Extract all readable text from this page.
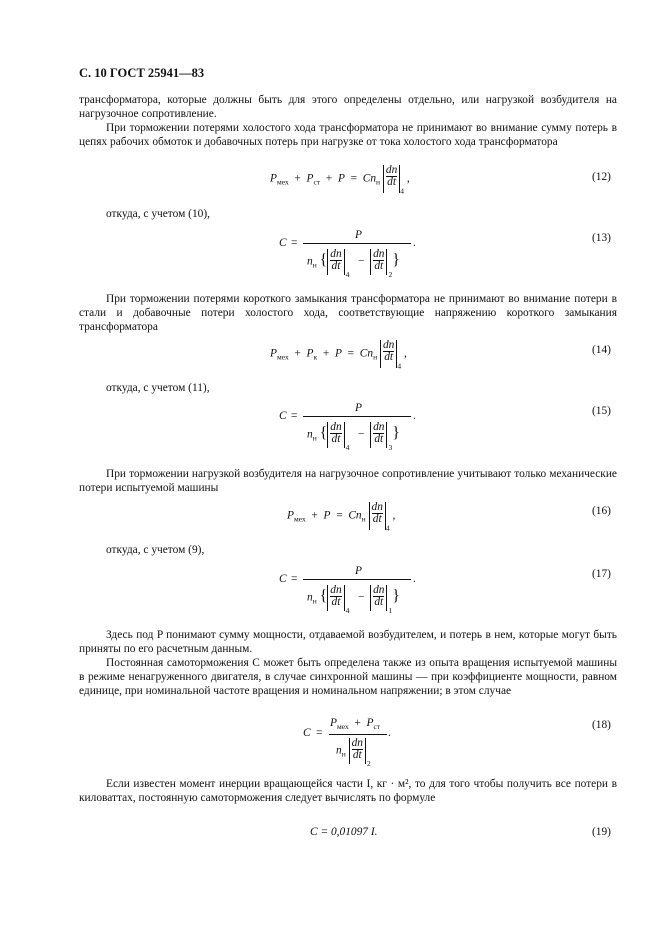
С. 10 ГОСТ 25941—83

трансформатора, которые должны быть для этого определены отдельно, или нагрузкой возбудителя на нагрузочное сопротивление.

При торможении потерями холостого хода трансформатора не принимают во внимание сумму потерь в цепях рабочих обмоток и добавочных потерь при нагрузке от тока холостого хода трансформатора

$P_{мех} + P_{ст} + P = Cn_н \frac{dn}{dt}$
$_4$ ,	(12)
откуда, с учетом (10),
C =
P
.
$n_н$ { $\frac{dn}{dt}$
$_4 - \frac{dn}{dt}$
$_2$}
(13)

При торможении потерями короткого замыкания трансформатора не принимают во внимание потери в стали и добавочные потери холостого хода, соответствующие напряжению короткого замыкания трансформатора

$P_{мех} + P_к + P = Cn_н \frac{dn}{dt}$
$_4$ ,	(14)
откуда, с учетом (11),
C =
P
.
$n_н$ { $\frac{dn}{dt}$
$_4 - \frac{dn}{dt}$
$_3$}
(15)

При торможении нагрузкой возбудителя на нагрузочное сопротивление учитывают только механические потери испытуемой машины

$P_{мех} + P = Cn_н \frac{dn}{dt}$
$_4$ ,	(16)
откуда, с учетом (9),
C =
P
.
$n_н$ { $\frac{dn}{dt}$
$_4 - \frac{dn}{dt}$
$_1$}
(17)

Здесь под P понимают сумму мощности, отдаваемой возбудителем, и потерь в нем, которые могут быть приняты по его расчетным данным.

Постоянная самоторможения C может быть определена также из опыта вращения испытуемой машины в режиме ненагруженного двигателя, в случае синхронной машины — при коэффициенте мощности, равном единице, при номинальной частоте вращения и номинальном напряжении; в этом случае

C =
$P_{мех} + P_{ст}$
.
$n_н \frac{dn}{dt}$
$_2$
(18)

Если известен момент инерции вращающейся части I, кг · м², то для того чтобы получить все потери в киловаттах, постоянную самоторможения следует вычислять по формуле

C = 0,01097 I.	(19)
